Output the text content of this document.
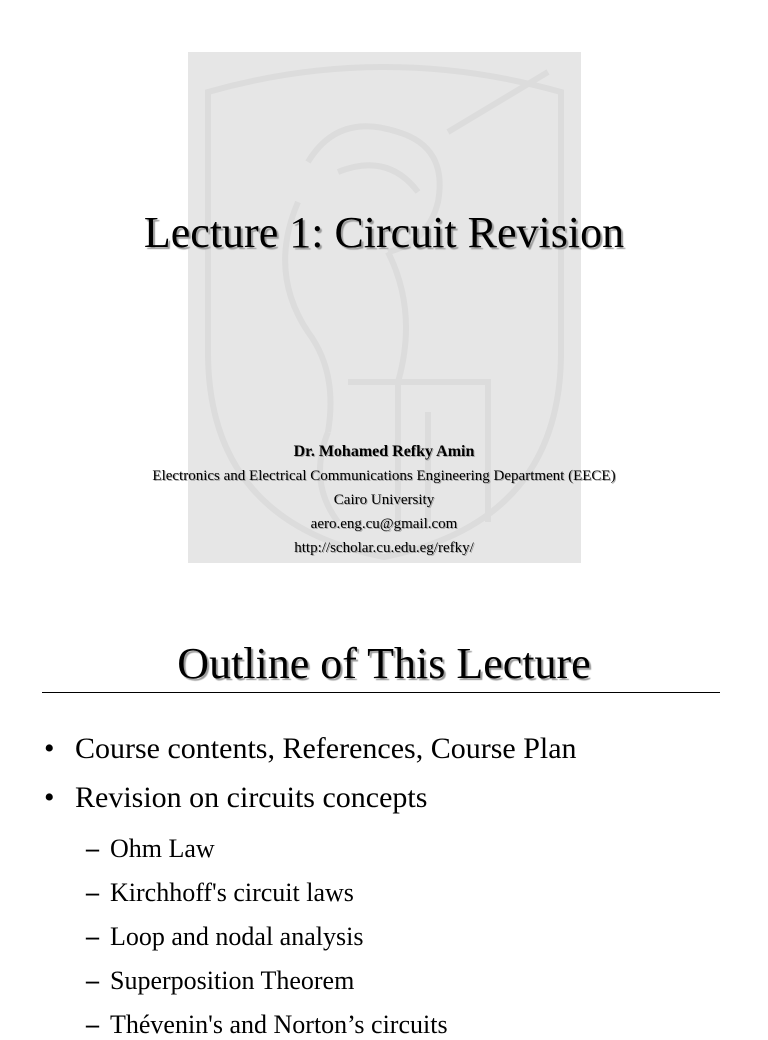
Lecture 1: Circuit Revision
Dr. Mohamed Refky Amin
Electronics and Electrical Communications Engineering Department (EECE)
Cairo University
aero.eng.cu@gmail.com
http://scholar.cu.edu.eg/refky/
Outline of This Lecture
• Course contents, References, Course Plan
• Revision on circuits concepts
– Ohm Law
– Kirchhoff's circuit laws
– Loop and nodal analysis
– Superposition Theorem
– Thévenin's and Norton’s circuits
